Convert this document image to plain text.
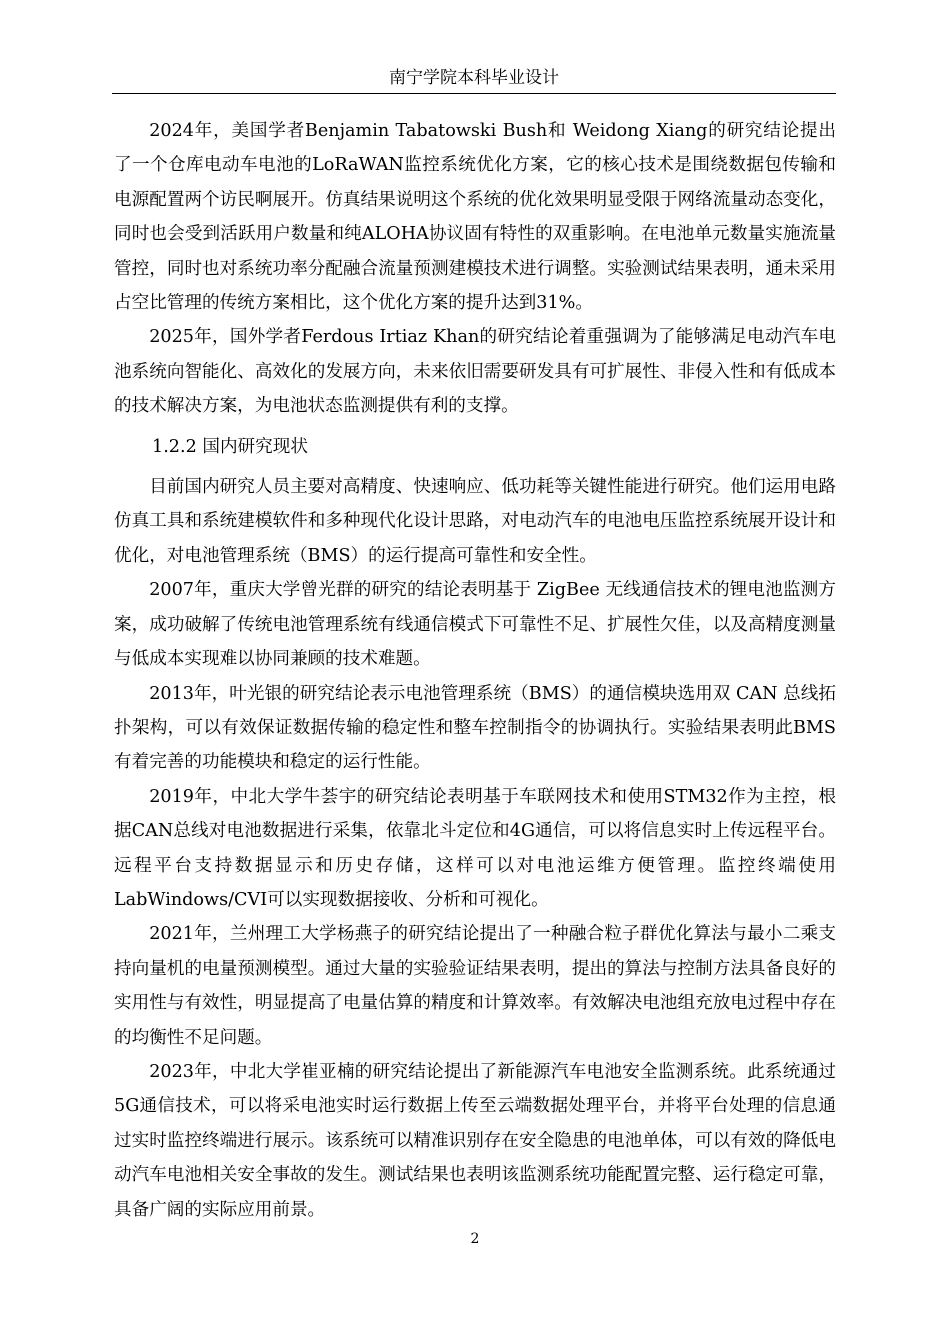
南宁学院本科毕业设计

2024年，美国学者Benjamin Tabatowski Bush和 Weidong Xiang的研究结论提出了一个仓库电动车电池的LoRaWAN监控系统优化方案，它的核心技术是围绕数据包传输和电源配置两个访民啊展开。仿真结果说明这个系统的优化效果明显受限于网络流量动态变化，同时也会受到活跃用户数量和纯ALOHA协议固有特性的双重影响。在电池单元数量实施流量管控，同时也对系统功率分配融合流量预测建模技术进行调整。实验测试结果表明，通未采用占空比管理的传统方案相比，这个优化方案的提升达到31%。

2025年，国外学者Ferdous Irtiaz Khan的研究结论着重强调为了能够满足电动汽车电池系统向智能化、高效化的发展方向，未来依旧需要研发具有可扩展性、非侵入性和有低成本的技术解决方案，为电池状态监测提供有利的支撑。

1.2.2 国内研究现状

目前国内研究人员主要对高精度、快速响应、低功耗等关键性能进行研究。他们运用电路仿真工具和系统建模软件和多种现代化设计思路，对电动汽车的电池电压监控系统展开设计和优化，对电池管理系统（BMS）的运行提高可靠性和安全性。

2007年，重庆大学曾光群的研究的结论表明基于 ZigBee 无线通信技术的锂电池监测方案，成功破解了传统电池管理系统有线通信模式下可靠性不足、扩展性欠佳，以及高精度测量与低成本实现难以协同兼顾的技术难题。

2013年，叶光银的研究结论表示电池管理系统（BMS）的通信模块选用双 CAN 总线拓扑架构，可以有效保证数据传输的稳定性和整车控制指令的协调执行。实验结果表明此BMS有着完善的功能模块和稳定的运行性能。

2019年，中北大学牛荟宇的研究结论表明基于车联网技术和使用STM32作为主控，根据CAN总线对电池数据进行采集，依靠北斗定位和4G通信，可以将信息实时上传远程平台。远程平台支持数据显示和历史存储，这样可以对电池运维方便管理。监控终端使用LabWindows/CVI可以实现数据接收、分析和可视化。

2021年，兰州理工大学杨燕子的研究结论提出了一种融合粒子群优化算法与最小二乘支持向量机的电量预测模型。通过大量的实验验证结果表明，提出的算法与控制方法具备良好的实用性与有效性，明显提高了电量估算的精度和计算效率。有效解决电池组充放电过程中存在的均衡性不足问题。

2023年，中北大学崔亚楠的研究结论提出了新能源汽车电池安全监测系统。此系统通过5G通信技术，可以将采电池实时运行数据上传至云端数据处理平台，并将平台处理的信息通过实时监控终端进行展示。该系统可以精准识别存在安全隐患的电池单体，可以有效的降低电动汽车电池相关安全事故的发生。测试结果也表明该监测系统功能配置完整、运行稳定可靠，具备广阔的实际应用前景。

2
